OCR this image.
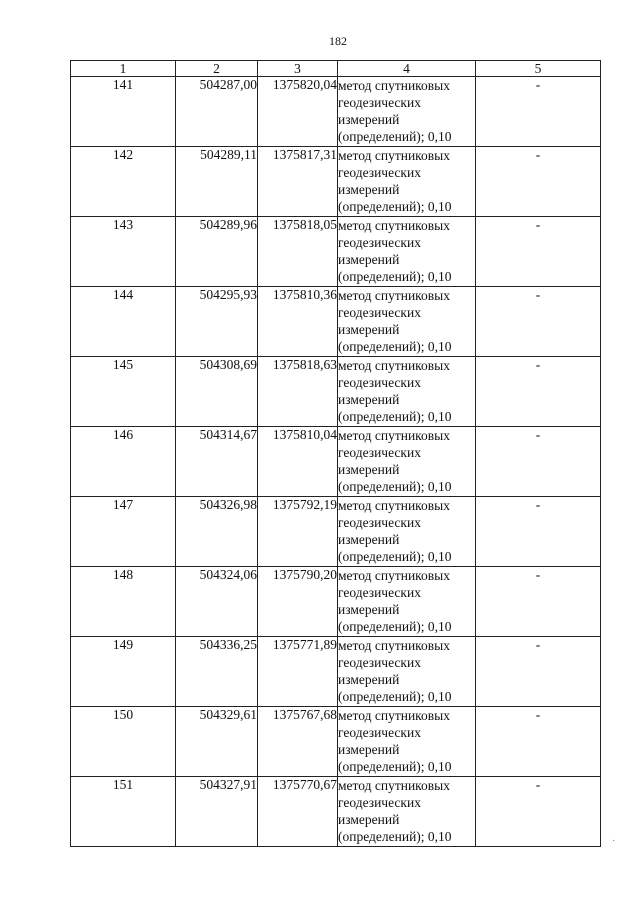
182
1	2	3	4	5
141	504287,00	1375820,04	метод спутниковых
геодезических
измерений
(определений); 0,10	-
142	504289,11	1375817,31	метод спутниковых
геодезических
измерений
(определений); 0,10	-
143	504289,96	1375818,05	метод спутниковых
геодезических
измерений
(определений); 0,10	-
144	504295,93	1375810,36	метод спутниковых
геодезических
измерений
(определений); 0,10	-
145	504308,69	1375818,63	метод спутниковых
геодезических
измерений
(определений); 0,10	-
146	504314,67	1375810,04	метод спутниковых
геодезических
измерений
(определений); 0,10	-
147	504326,98	1375792,19	метод спутниковых
геодезических
измерений
(определений); 0,10	-
148	504324,06	1375790,20	метод спутниковых
геодезических
измерений
(определений); 0,10	-
149	504336,25	1375771,89	метод спутниковых
геодезических
измерений
(определений); 0,10	-
150	504329,61	1375767,68	метод спутниковых
геодезических
измерений
(определений); 0,10	-
151	504327,91	1375770,67	метод спутниковых
геодезических
измерений
(определений); 0,10	-
·
